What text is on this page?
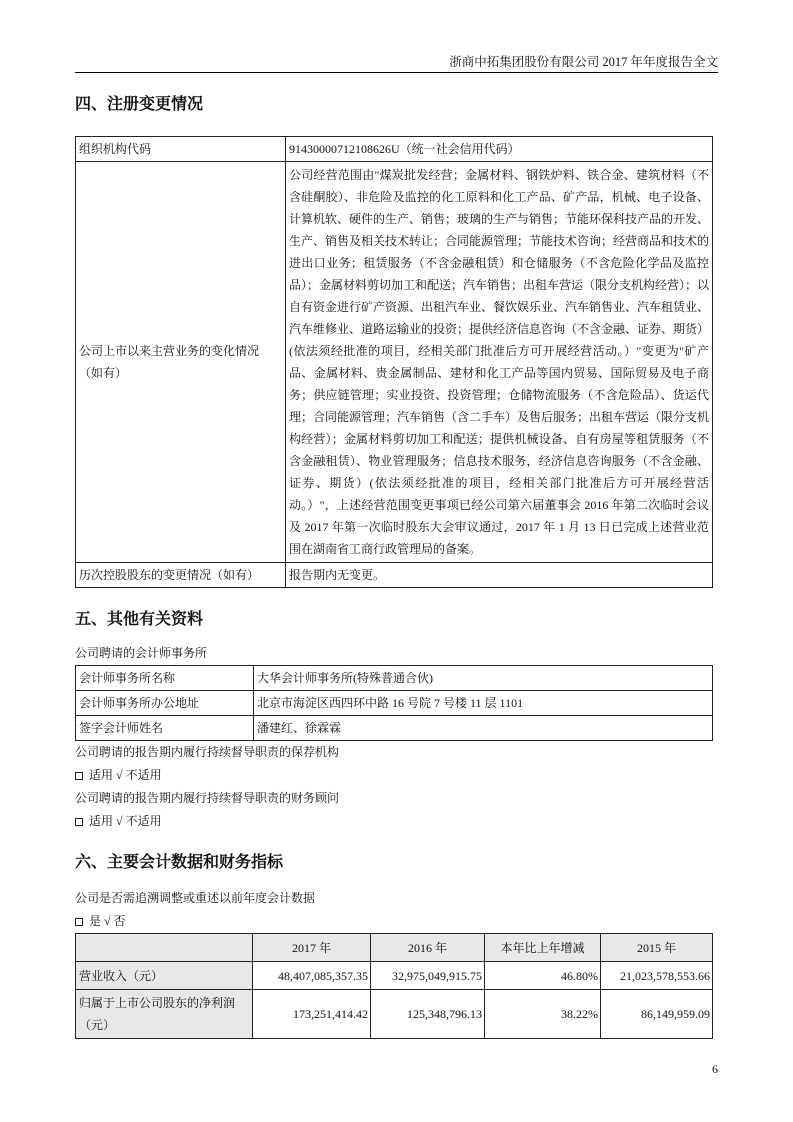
浙商中拓集团股份有限公司 2017 年年度报告全文
四、注册变更情况
组织机构代码	91430000712108626U（统一社会信用代码）
公司上市以来主营业务的变化情况（如有）	公司经营范围由"煤炭批发经营；金属材料、钢铁炉料、铁合金、建筑材料（不含硅酮胶）、非危险及监控的化工原料和化工产品、矿产品，机械、电子设备、计算机软、硬件的生产、销售；玻璃的生产与销售；节能环保科技产品的开发、生产、销售及相关技术转让；合同能源管理；节能技术咨询；经营商品和技术的进出口业务；租赁服务（不含金融租赁）和仓储服务（不含危险化学品及监控品）；金属材料剪切加工和配送；汽车销售；出租车营运（限分支机构经营）；以自有资金进行矿产资源、出租汽车业、餐饮娱乐业、汽车销售业、汽车租赁业、汽车维修业、道路运输业的投资；提供经济信息咨询（不含金融、证券、期货）(依法须经批准的项目，经相关部门批准后方可开展经营活动。）"变更为"矿产品、金属材料、贵金属制品、建材和化工产品等国内贸易、国际贸易及电子商务；供应链管理；实业投资、投资管理；仓储物流服务（不含危险品）、货运代理；合同能源管理；汽车销售（含二手车）及售后服务；出租车营运（限分支机构经营）；金属材料剪切加工和配送；提供机械设备、自有房屋等租赁服务（不含金融租赁）、物业管理服务；信息技术服务，经济信息咨询服务（不含金融、证券、期货）(依法须经批准的项目，经相关部门批准后方可开展经营活动。）"，上述经营范围变更事项已经公司第六届董事会 2016 年第二次临时会议及 2017 年第一次临时股东大会审议通过，2017 年 1 月 13 日已完成上述营业范围在湖南省工商行政管理局的备案。
历次控股股东的变更情况（如有）	报告期内无变更。
五、其他有关资料
公司聘请的会计师事务所
会计师事务所名称	大华会计师事务所(特殊普通合伙)
会计师事务所办公地址	北京市海淀区西四环中路 16 号院 7 号楼 11 层 1101
签字会计师姓名	潘建红、徐霖霖
公司聘请的报告期内履行持续督导职责的保荐机构
适用 √ 不适用
公司聘请的报告期内履行持续督导职责的财务顾问
适用 √ 不适用
六、主要会计数据和财务指标
公司是否需追溯调整或重述以前年度会计数据
是 √ 否
	2017 年	2016 年	本年比上年增减	2015 年
营业收入（元）	48,407,085,357.35	32,975,049,915.75	46.80%	21,023,578,553.66
归属于上市公司股东的净利润（元）	173,251,414.42	125,348,796.13	38.22%	86,149,959.09
6
